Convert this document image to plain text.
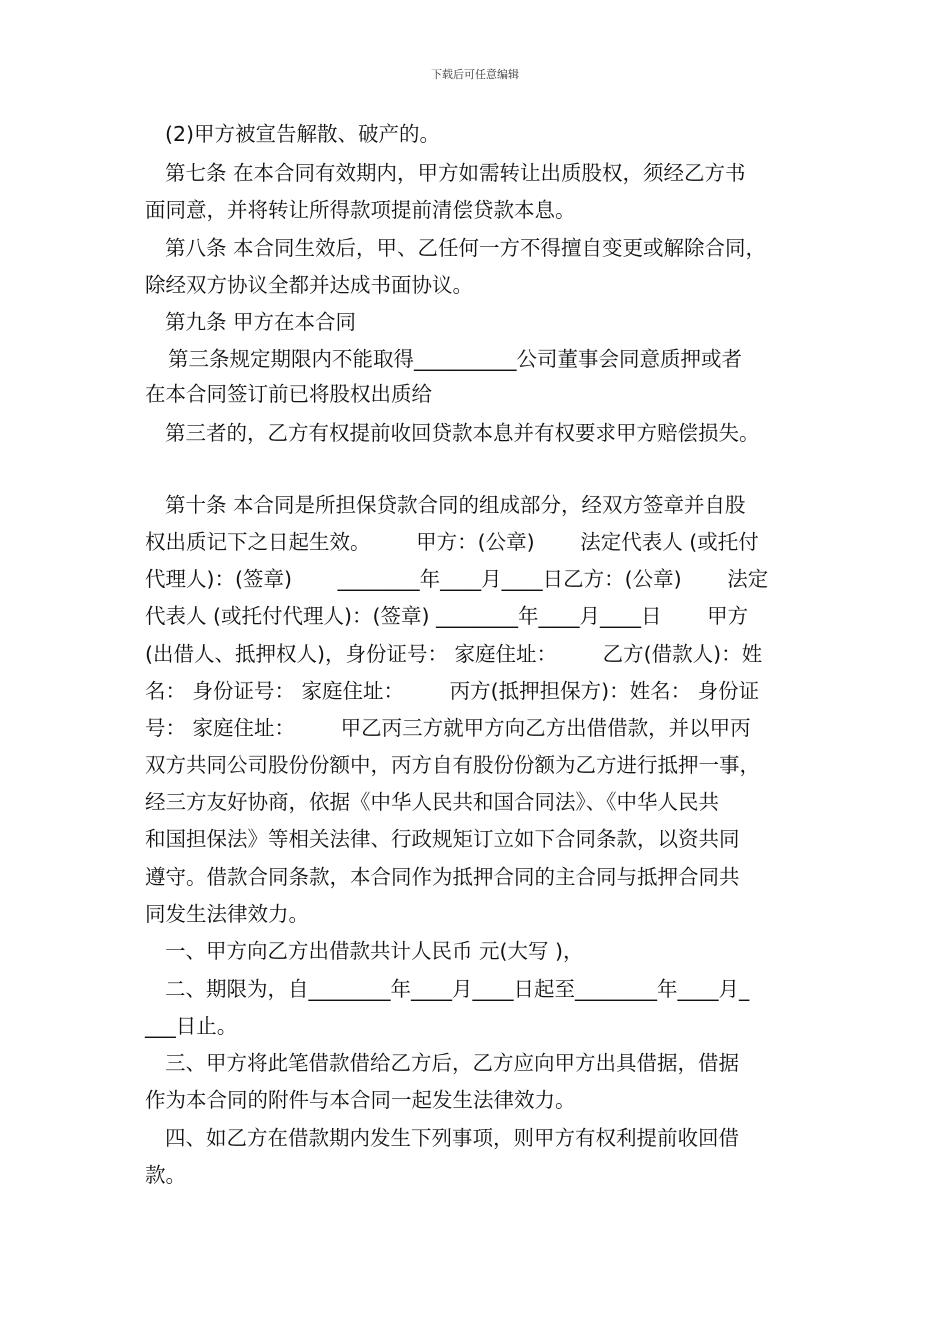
下载后可任意编辑
(2)甲方被宣告解散、破产的。
第七条 在本合同有效期内，甲方如需转让出质股权，须经乙方书
面同意，并将转让所得款项提前清偿贷款本息。
第八条 本合同生效后，甲、乙任何一方不得擅自变更或解除合同，
除经双方协议全都并达成书面协议。
第九条 甲方在本合同
第三条规定期限内不能取得__________公司董事会同意质押或者
在本合同签订前已将股权出质给
第三者的，乙方有权提前收回贷款本息并有权要求甲方赔偿损失。
第十条 本合同是所担保贷款合同的组成部分，经双方签章并自股
权出质记下之日起生效。       甲方：(公章)       法定代表人 (或托付
代理人)：(签章)       ________年____月____日乙方：(公章)       法定
代表人 (或托付代理人)：(签章) ________年____月____日       甲方
(出借人、抵押权人)，身份证号： 家庭住址：       乙方(借款人)：姓
名： 身份证号： 家庭住址：       丙方(抵押担保方)：姓名： 身份证
号： 家庭住址：       甲乙丙三方就甲方向乙方出借借款，并以甲丙
双方共同公司股份份额中，丙方自有股份份额为乙方进行抵押一事，
经三方友好协商，依据《中华人民共和国合同法》、《中华人民共
和国担保法》等相关法律、行政规矩订立如下合同条款，以资共同
遵守。借款合同条款，本合同作为抵押合同的主合同与抵押合同共
同发生法律效力。
一、甲方向乙方出借款共计人民币 元(大写 )，
二、期限为，自________年____月____日起至________年____月_
___日止。
三、甲方将此笔借款借给乙方后，乙方应向甲方出具借据，借据
作为本合同的附件与本合同一起发生法律效力。
四、如乙方在借款期内发生下列事项，则甲方有权利提前收回借
款。
